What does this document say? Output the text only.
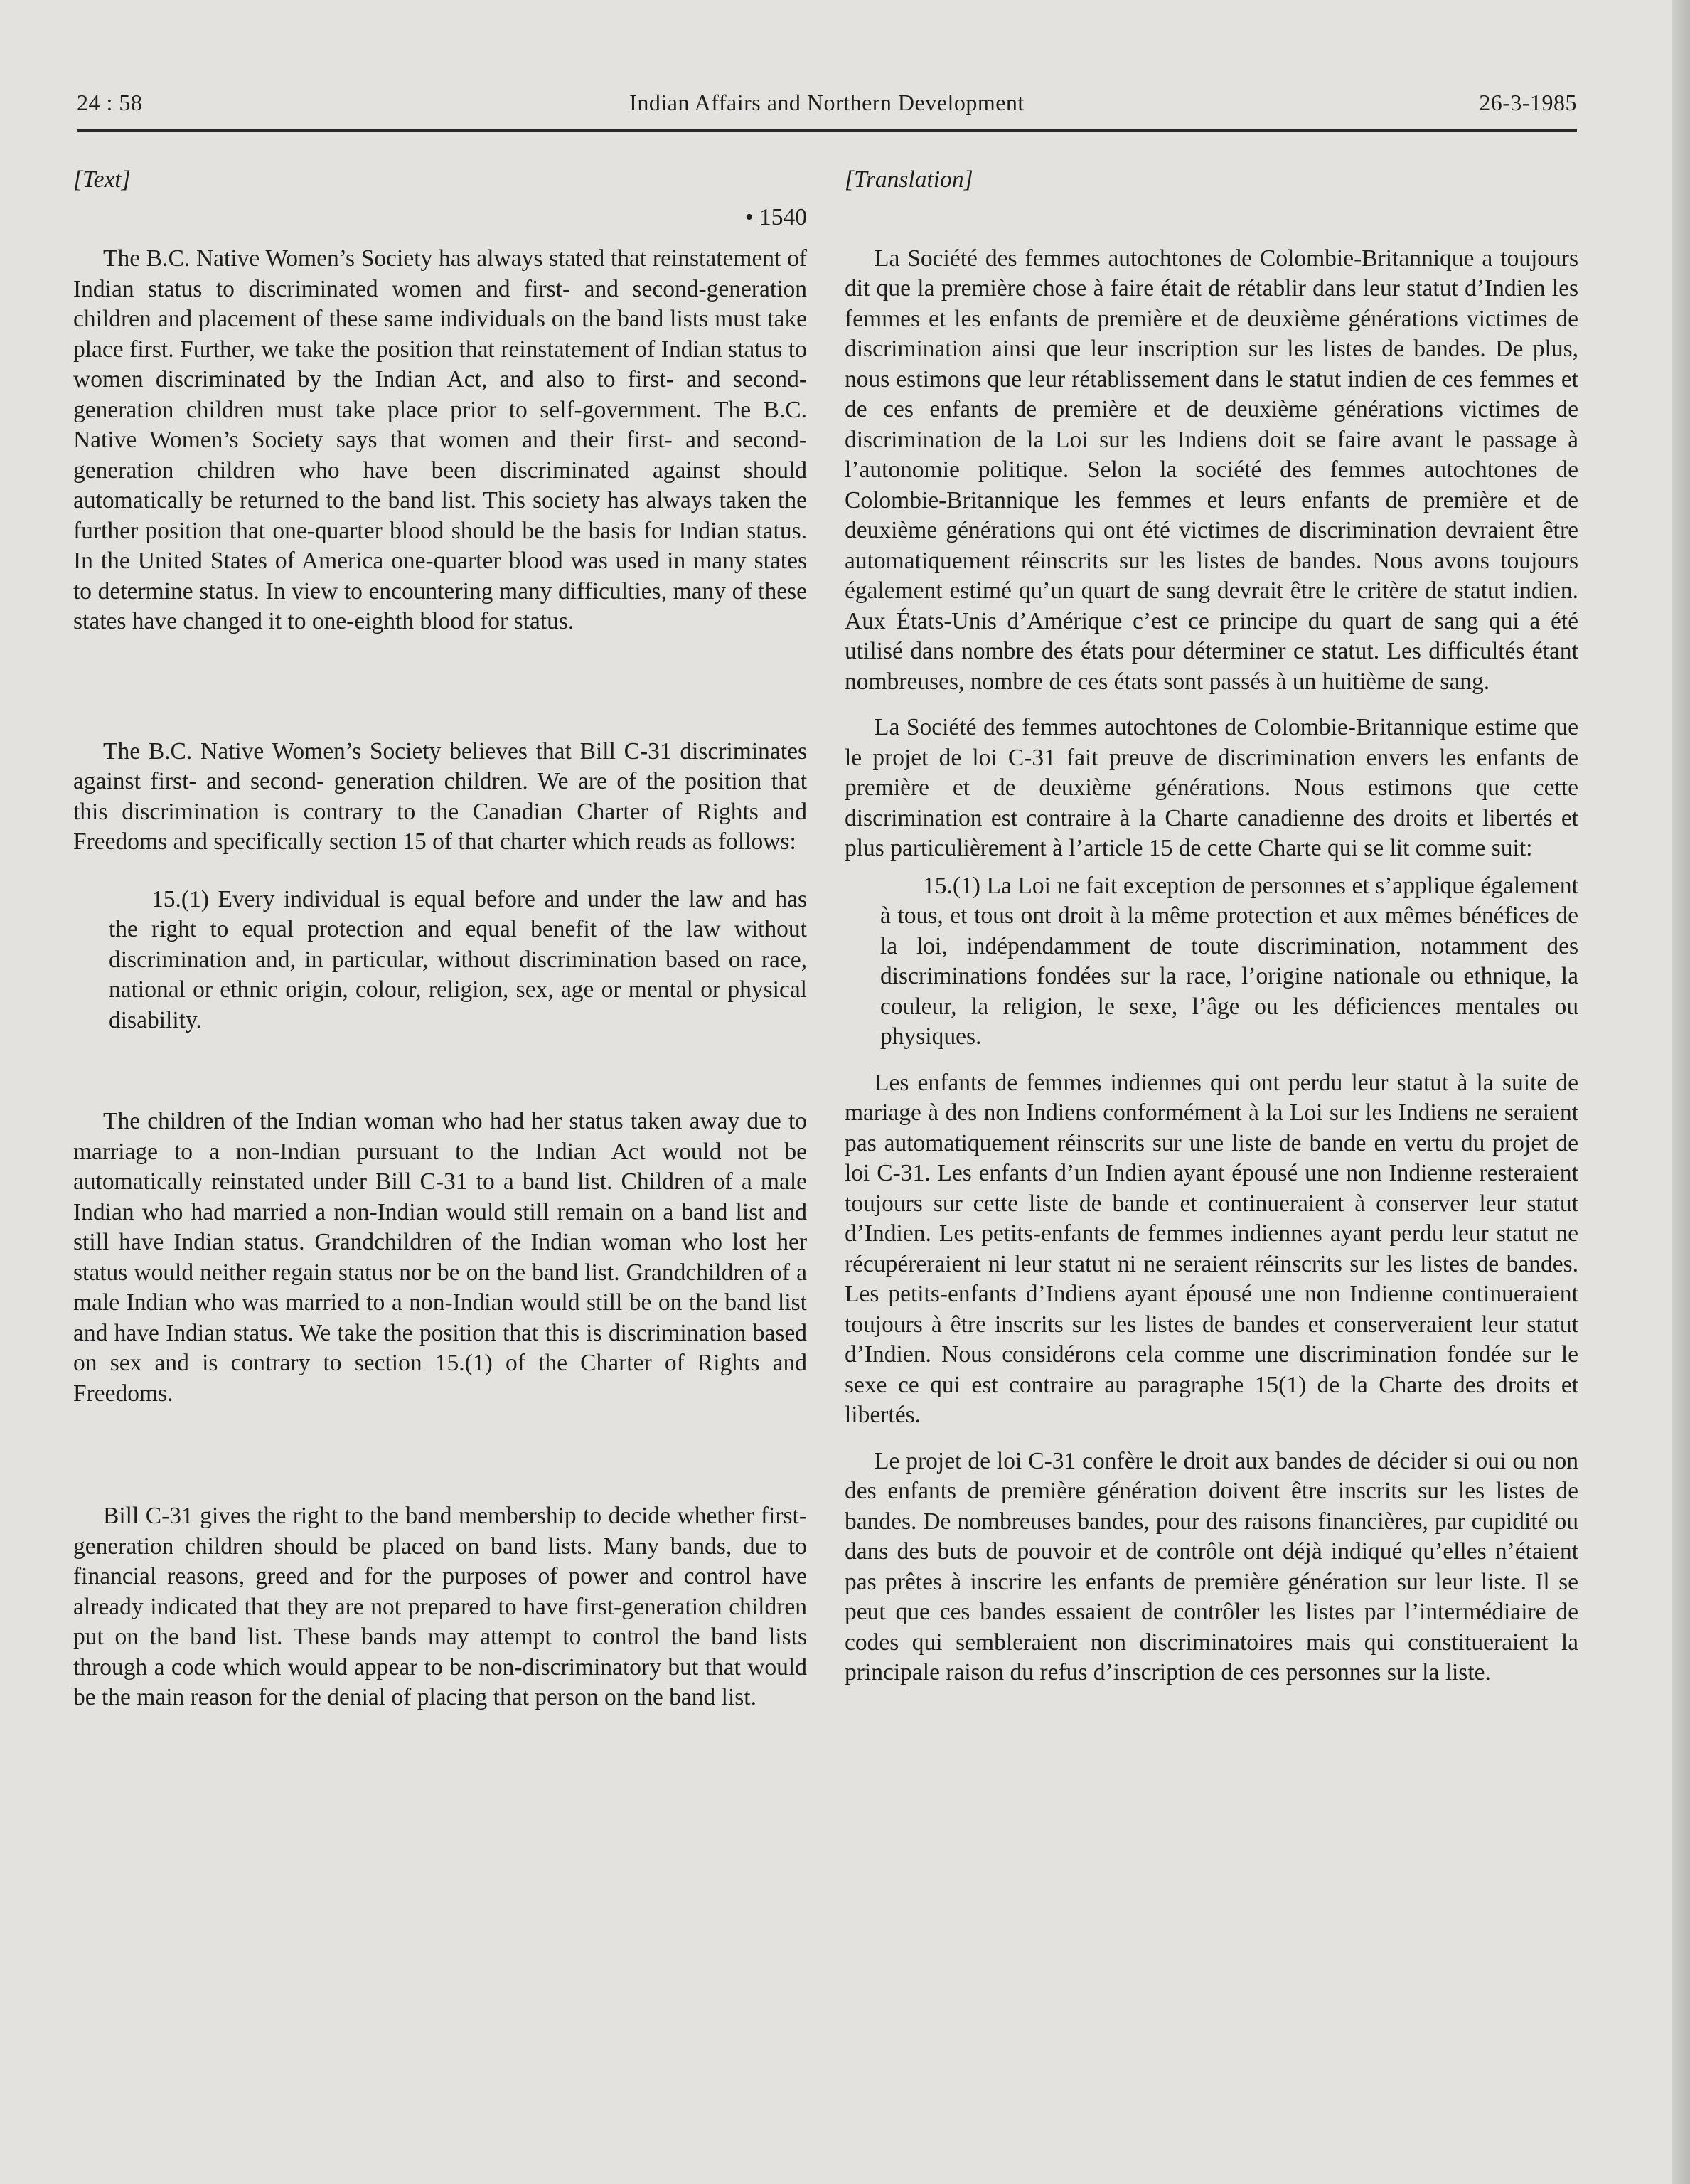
24 : 58	Indian Affairs and Northern Development	26-3-1985

[Text]

• 1540

The B.C. Native Women’s Society has always stated that reinstatement of Indian status to discriminated women and first- and second-generation children and placement of these same individuals on the band lists must take place first. Further, we take the position that reinstatement of Indian status to women discriminated by the Indian Act, and also to first- and second- generation children must take place prior to self-government. The B.C. Native Women’s Society says that women and their first- and second-generation children who have been discriminated against should automatically be returned to the band list. This society has always taken the further position that one-quarter blood should be the basis for Indian status. In the United States of America one-quarter blood was used in many states to determine status. In view to encountering many difficulties, many of these states have changed it to one-eighth blood for status.

The B.C. Native Women’s Society believes that Bill C-31 discriminates against first- and second- generation children. We are of the position that this discrimination is contrary to the Canadian Charter of Rights and Freedoms and specifically section 15 of that charter which reads as follows:

15.(1) Every individual is equal before and under the law and has the right to equal protection and equal benefit of the law without discrimination and, in particular, without discrimination based on race, national or ethnic origin, colour, religion, sex, age or mental or physical disability.

The children of the Indian woman who had her status taken away due to marriage to a non-Indian pursuant to the Indian Act would not be automatically reinstated under Bill C-31 to a band list. Children of a male Indian who had married a non-Indian would still remain on a band list and still have Indian status. Grandchildren of the Indian woman who lost her status would neither regain status nor be on the band list. Grandchildren of a male Indian who was married to a non-Indian would still be on the band list and have Indian status. We take the position that this is discrimination based on sex and is contrary to section 15.(1) of the Charter of Rights and Freedoms.

Bill C-31 gives the right to the band membership to decide whether first-generation children should be placed on band lists. Many bands, due to financial reasons, greed and for the purposes of power and control have already indicated that they are not prepared to have first-generation children put on the band list. These bands may attempt to control the band lists through a code which would appear to be non-discriminatory but that would be the main reason for the denial of placing that person on the band list.

[Translation]

La Société des femmes autochtones de Colombie-Britannique a toujours dit que la première chose à faire était de rétablir dans leur statut d’Indien les femmes et les enfants de première et de deuxième générations victimes de discrimination ainsi que leur inscription sur les listes de bandes. De plus, nous estimons que leur rétablissement dans le statut indien de ces femmes et de ces enfants de première et de deuxième générations victimes de discrimination de la Loi sur les Indiens doit se faire avant le passage à l’autonomie politique. Selon la société des femmes autochtones de Colombie-Britannique les femmes et leurs enfants de première et de deuxième générations qui ont été victimes de discrimination devraient être automatiquement réinscrits sur les listes de bandes. Nous avons toujours également estimé qu’un quart de sang devrait être le critère de statut indien. Aux États-Unis d’Amérique c’est ce principe du quart de sang qui a été utilisé dans nombre des états pour déterminer ce statut. Les difficultés étant nombreuses, nombre de ces états sont passés à un huitième de sang.

La Société des femmes autochtones de Colombie-Britannique estime que le projet de loi C-31 fait preuve de discrimination envers les enfants de première et de deuxième générations. Nous estimons que cette discrimination est contraire à la Charte canadienne des droits et libertés et plus particulièrement à l’article 15 de cette Charte qui se lit comme suit:

15.(1) La Loi ne fait exception de personnes et s’applique également à tous, et tous ont droit à la même protection et aux mêmes bénéfices de la loi, indépendamment de toute discrimination, notamment des discriminations fondées sur la race, l’origine nationale ou ethnique, la couleur, la religion, le sexe, l’âge ou les déficiences mentales ou physiques.

Les enfants de femmes indiennes qui ont perdu leur statut à la suite de mariage à des non Indiens conformément à la Loi sur les Indiens ne seraient pas automatiquement réinscrits sur une liste de bande en vertu du projet de loi C-31. Les enfants d’un Indien ayant épousé une non Indienne resteraient toujours sur cette liste de bande et continueraient à conserver leur statut d’Indien. Les petits-enfants de femmes indiennes ayant perdu leur statut ne récupéreraient ni leur statut ni ne seraient réinscrits sur les listes de bandes. Les petits-enfants d’Indiens ayant épousé une non Indienne continueraient toujours à être inscrits sur les listes de bandes et conserveraient leur statut d’Indien. Nous considérons cela comme une discrimination fondée sur le sexe ce qui est contraire au paragraphe 15(1) de la Charte des droits et libertés.

Le projet de loi C-31 confère le droit aux bandes de décider si oui ou non des enfants de première génération doivent être inscrits sur les listes de bandes. De nombreuses bandes, pour des raisons financières, par cupidité ou dans des buts de pouvoir et de contrôle ont déjà indiqué qu’elles n’étaient pas prêtes à inscrire les enfants de première génération sur leur liste. Il se peut que ces bandes essaient de contrôler les listes par l’intermédiaire de codes qui sembleraient non discriminatoires mais qui constitueraient la principale raison du refus d’inscription de ces personnes sur la liste.
